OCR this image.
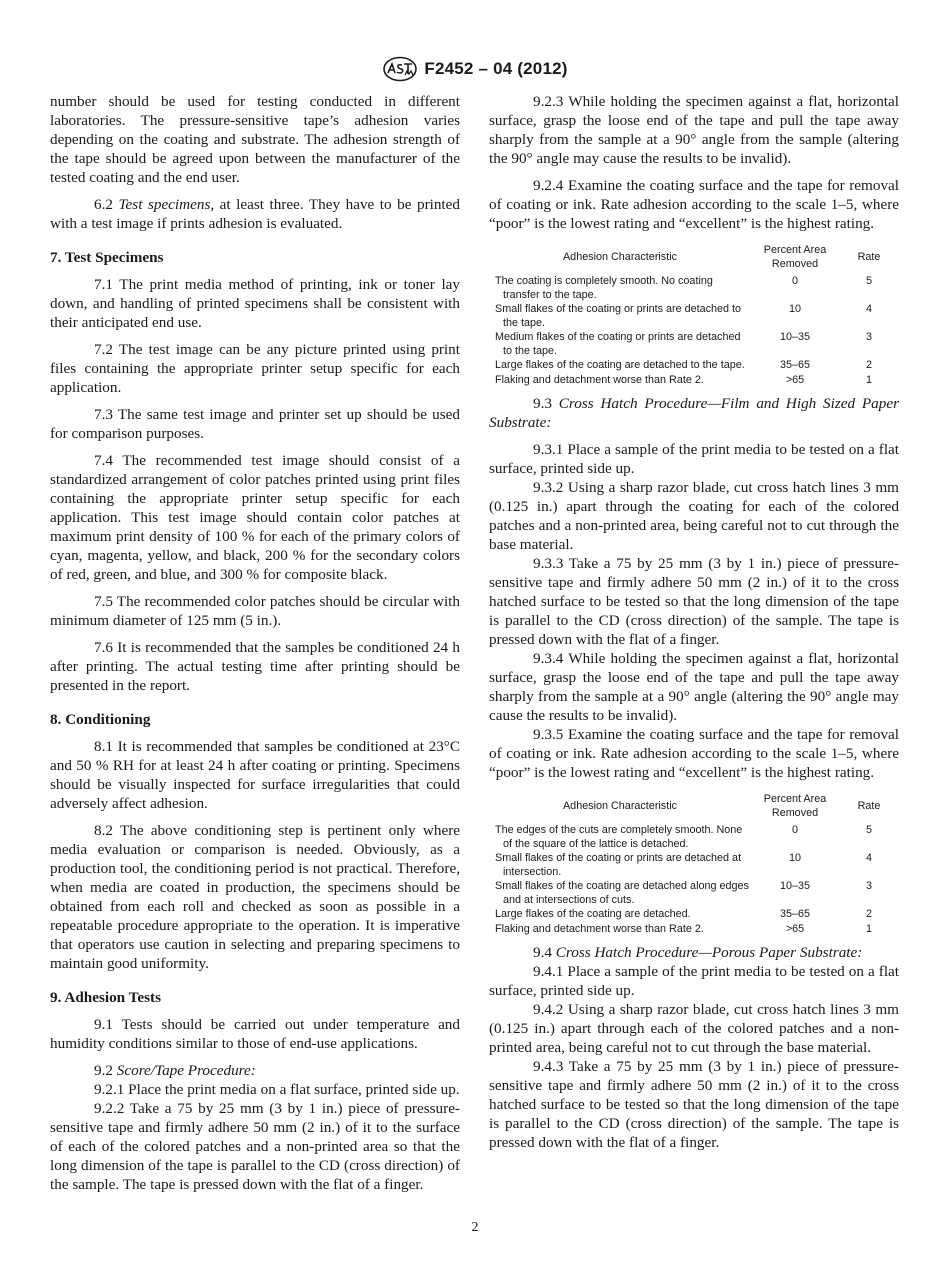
F2452 – 04 (2012)

number should be used for testing conducted in different laboratories. The pressure-sensitive tape’s adhesion varies depending on the coating and substrate. The adhesion strength of the tape should be agreed upon between the manufacturer of the tested coating and the end user.

6.2 Test specimens, at least three. They have to be printed with a test image if prints adhesion is evaluated.

7. Test Specimens

7.1 The print media method of printing, ink or toner lay down, and handling of printed specimens shall be consistent with their anticipated end use.

7.2 The test image can be any picture printed using print files containing the appropriate printer setup specific for each application.

7.3 The same test image and printer set up should be used for comparison purposes.

7.4 The recommended test image should consist of a standardized arrangement of color patches printed using print files containing the appropriate printer setup specific for each application. This test image should contain color patches at maximum print density of 100 % for each of the primary colors of cyan, magenta, yellow, and black, 200 % for the secondary colors of red, green, and blue, and 300 % for composite black.

7.5 The recommended color patches should be circular with minimum diameter of 125 mm (5 in.).

7.6 It is recommended that the samples be conditioned 24 h after printing. The actual testing time after printing should be presented in the report.

8. Conditioning

8.1 It is recommended that samples be conditioned at 23°C and 50 % RH for at least 24 h after coating or printing. Specimens should be visually inspected for surface irregularities that could adversely affect adhesion.

8.2 The above conditioning step is pertinent only where media evaluation or comparison is needed. Obviously, as a production tool, the conditioning period is not practical. Therefore, when media are coated in production, the specimens should be obtained from each roll and checked as soon as possible in a repeatable procedure appropriate to the operation. It is imperative that operators use caution in selecting and preparing specimens to maintain good uniformity.

9. Adhesion Tests

9.1 Tests should be carried out under temperature and humidity conditions similar to those of end-use applications.

9.2 Score/Tape Procedure:

9.2.1 Place the print media on a flat surface, printed side up.

9.2.2 Take a 75 by 25 mm (3 by 1 in.) piece of pressure-sensitive tape and firmly adhere 50 mm (2 in.) of it to the surface of each of the colored patches and a non-printed area so that the long dimension of the tape is parallel to the CD (cross direction) of the sample. The tape is pressed down with the flat of a finger.

9.2.3 While holding the specimen against a flat, horizontal surface, grasp the loose end of the tape and pull the tape away sharply from the sample at a 90° angle from the sample (altering the 90° angle may cause the results to be invalid).

9.2.4 Examine the coating surface and the tape for removal of coating or ink. Rate adhesion according to the scale 1–5, where “poor” is the lowest rating and “excellent” is the highest rating.

Adhesion Characteristic	Percent Area Removed	Rate
The coating is completely smooth. No coating transfer to the tape.	0	5
Small flakes of the coating or prints are detached to the tape.	10	4
Medium flakes of the coating or prints are detached to the tape.	10–35	3
Large flakes of the coating are detached to the tape.	35–65	2
Flaking and detachment worse than Rate 2.	>65	1

9.3 Cross Hatch Procedure—Film and High Sized Paper Substrate:

9.3.1 Place a sample of the print media to be tested on a flat surface, printed side up.

9.3.2 Using a sharp razor blade, cut cross hatch lines 3 mm (0.125 in.) apart through the coating for each of the colored patches and a non-printed area, being careful not to cut through the base material.

9.3.3 Take a 75 by 25 mm (3 by 1 in.) piece of pressure-sensitive tape and firmly adhere 50 mm (2 in.) of it to the cross hatched surface to be tested so that the long dimension of the tape is parallel to the CD (cross direction) of the sample. The tape is pressed down with the flat of a finger.

9.3.4 While holding the specimen against a flat, horizontal surface, grasp the loose end of the tape and pull the tape away sharply from the sample at a 90° angle (altering the 90° angle may cause the results to be invalid).

9.3.5 Examine the coating surface and the tape for removal of coating or ink. Rate adhesion according to the scale 1–5, where “poor” is the lowest rating and “excellent” is the highest rating.

Adhesion Characteristic	Percent Area Removed	Rate
The edges of the cuts are completely smooth. None of the square of the lattice is detached.	0	5
Small flakes of the coating or prints are detached at intersection.	10	4
Small flakes of the coating are detached along edges and at intersections of cuts.	10–35	3
Large flakes of the coating are detached.	35–65	2
Flaking and detachment worse than Rate 2.	>65	1

9.4 Cross Hatch Procedure—Porous Paper Substrate:

9.4.1 Place a sample of the print media to be tested on a flat surface, printed side up.

9.4.2 Using a sharp razor blade, cut cross hatch lines 3 mm (0.125 in.) apart through each of the colored patches and a non-printed area, being careful not to cut through the base material.

9.4.3 Take a 75 by 25 mm (3 by 1 in.) piece of pressure-sensitive tape and firmly adhere 50 mm (2 in.) of it to the cross hatched surface to be tested so that the long dimension of the tape is parallel to the CD (cross direction) of the sample. The tape is pressed down with the flat of a finger.

2
